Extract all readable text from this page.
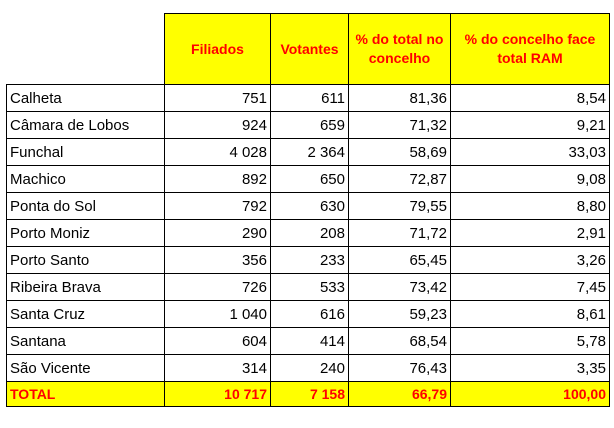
	Filiados	Votantes	% do total no concelho	% do concelho face total RAM
Calheta	751	611	81,36	8,54
Câmara de Lobos	924	659	71,32	9,21
Funchal	4 028	2 364	58,69	33,03
Machico	892	650	72,87	9,08
Ponta do Sol	792	630	79,55	8,80
Porto Moniz	290	208	71,72	2,91
Porto Santo	356	233	65,45	3,26
Ribeira Brava	726	533	73,42	7,45
Santa Cruz	1 040	616	59,23	8,61
Santana	604	414	68,54	5,78
São Vicente	314	240	76,43	3,35
TOTAL	10 717	7 158	66,79	100,00
